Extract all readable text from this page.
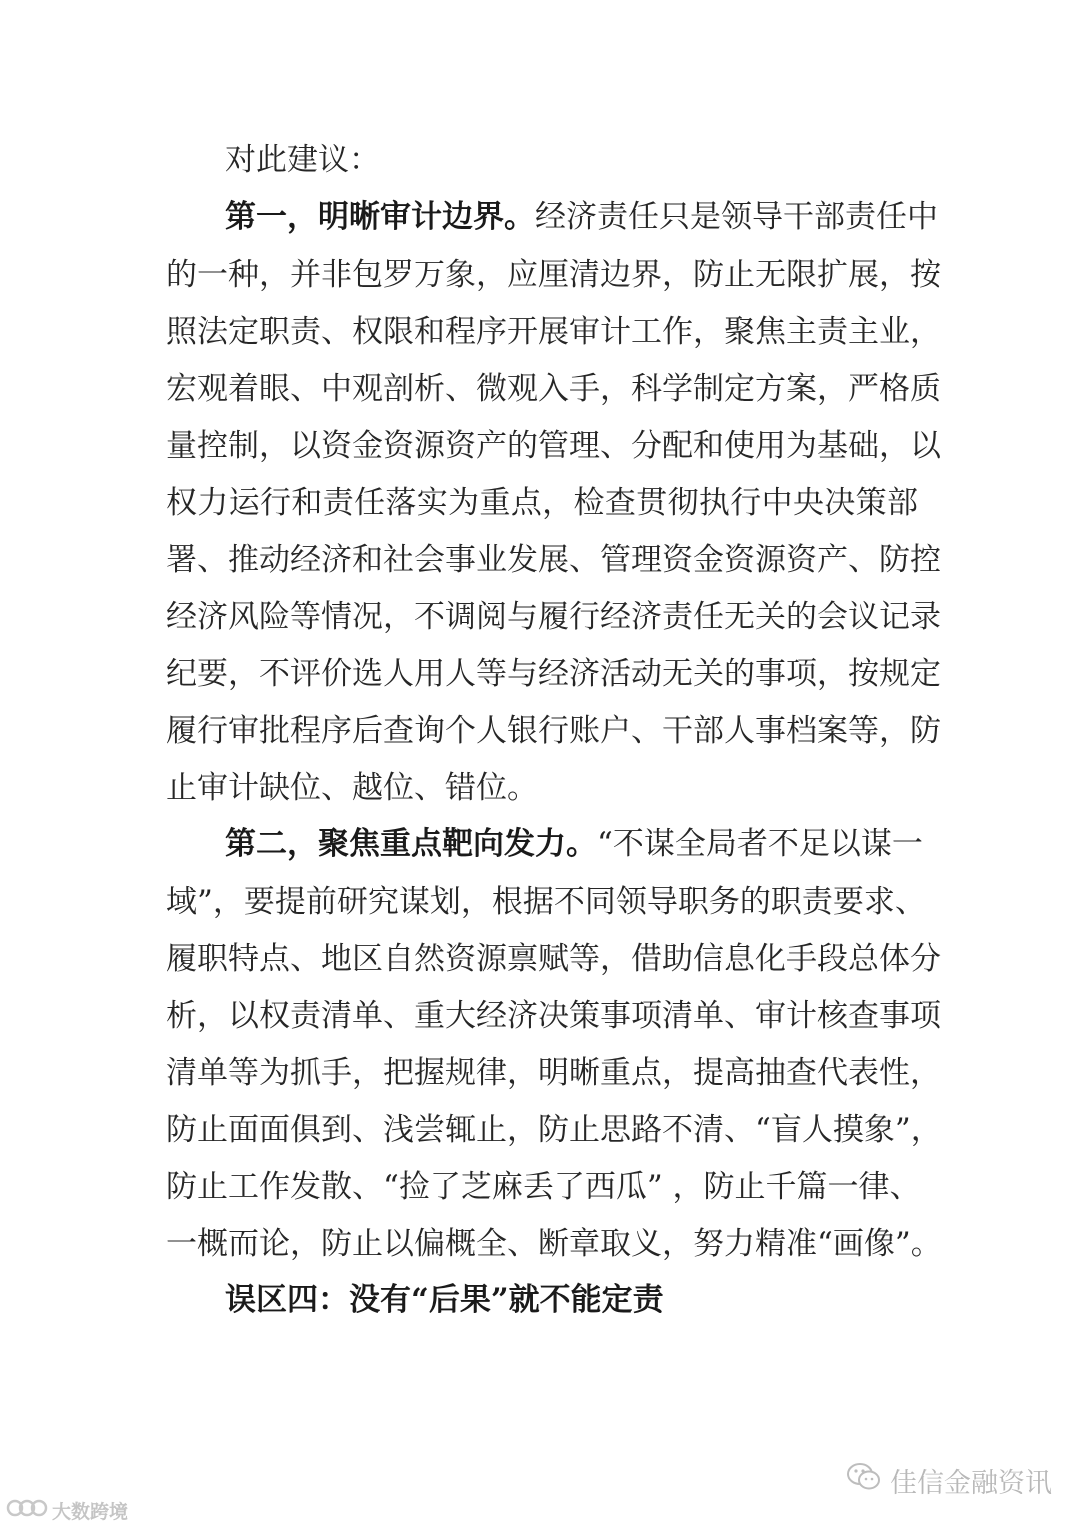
对此建议：
第一，明晰审计边界。经济责任只是领导干部责任中
的一种，并非包罗万象，应厘清边界，防止无限扩展，按
照法定职责、权限和程序开展审计工作，聚焦主责主业，
宏观着眼、中观剖析、微观入手，科学制定方案，严格质
量控制，以资金资源资产的管理、分配和使用为基础，以
权力运行和责任落实为重点，检查贯彻执行中央决策部
署、推动经济和社会事业发展、管理资金资源资产、防控
经济风险等情况，不调阅与履行经济责任无关的会议记录
纪要，不评价选人用人等与经济活动无关的事项，按规定
履行审批程序后查询个人银行账户、干部人事档案等，防
止审计缺位、越位、错位。
第二，聚焦重点靶向发力。“不谋全局者不足以谋一
域”，要提前研究谋划，根据不同领导职务的职责要求、
履职特点、地区自然资源禀赋等，借助信息化手段总体分
析，以权责清单、重大经济决策事项清单、审计核查事项
清单等为抓手，把握规律，明晰重点，提高抽查代表性，
防止面面俱到、浅尝辄止，防止思路不清、“盲人摸象”，
防止工作发散、“捡了芝麻丢了西瓜” ，防止千篇一律、
一概而论，防止以偏概全、断章取义，努力精准“画像”。
误区四：没有“后果”就不能定责
佳信金融资讯
大数跨境
